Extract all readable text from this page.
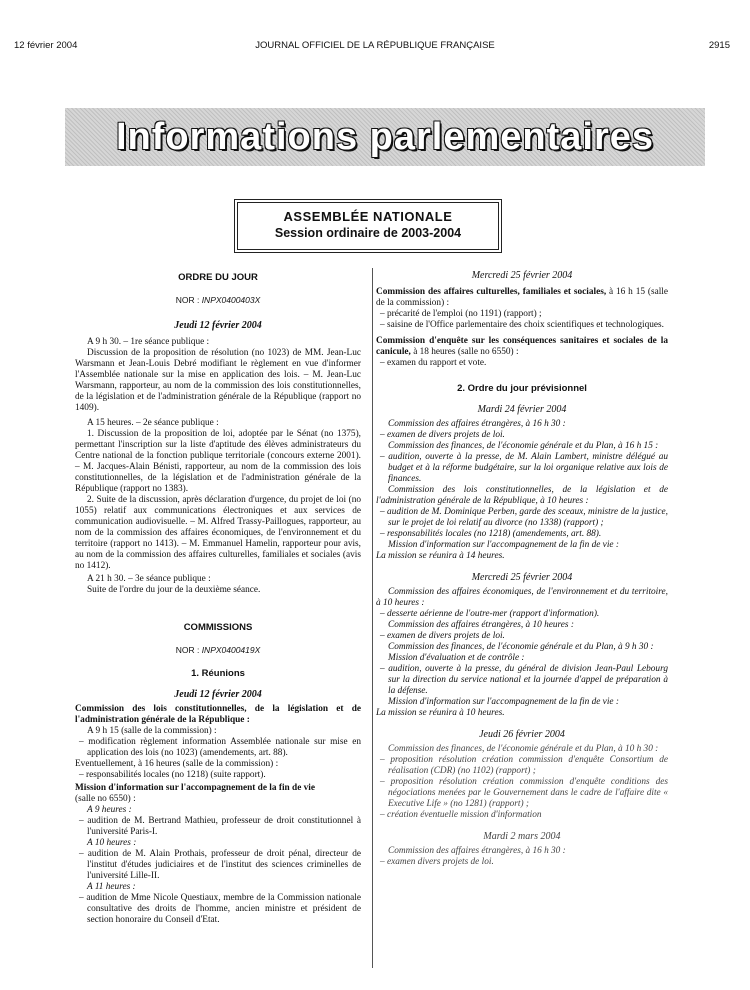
12 février 2004	JOURNAL OFFICIEL DE LA RÉPUBLIQUE FRANÇAISE	2915
Informations parlementaires
ASSEMBLÉE NATIONALE
Session ordinaire de 2003-2004
ORDRE DU JOUR
NOR : INPX0400403X
Jeudi 12 février 2004

A 9 h 30. – 1re séance publique :

Discussion de la proposition de résolution (no 1023) de MM. Jean-Luc Warsmann et Jean-Louis Debré modifiant le règlement en vue d'informer l'Assemblée nationale sur la mise en application des lois. – M. Jean-Luc Warsmann, rapporteur, au nom de la commission des lois constitutionnelles, de la législation et de l'administration générale de la République (rapport no 1409).

A 15 heures. – 2e séance publique :

1. Discussion de la proposition de loi, adoptée par le Sénat (no 1375), permettant l'inscription sur la liste d'aptitude des élèves administrateurs du Centre national de la fonction publique territoriale (concours externe 2001). – M. Jacques-Alain Bénisti, rapporteur, au nom de la commission des lois constitutionnelles, de la législation et de l'administration générale de la République (rapport no 1383).

2. Suite de la discussion, après déclaration d'urgence, du projet de loi (no 1055) relatif aux communications électroniques et aux services de communication audiovisuelle. – M. Alfred Trassy-Paillogues, rapporteur, au nom de la commission des affaires économiques, de l'environnement et du territoire (rapport no 1413). – M. Emmanuel Hamelin, rapporteur pour avis, au nom de la commission des affaires culturelles, familiales et sociales (avis no 1412).

A 21 h 30. – 3e séance publique :

Suite de l'ordre du jour de la deuxième séance.

COMMISSIONS
NOR : INPX0400419X
1. Réunions
Jeudi 12 février 2004

Commission des lois constitutionnelles, de la législation et de l'administration générale de la République :

A 9 h 15 (salle de la commission) :

– modification règlement information Assemblée nationale sur mise en application des lois (no 1023) (amendements, art. 88).

Eventuellement, à 16 heures (salle de la commission) :

– responsabilités locales (no 1218) (suite rapport).

Mission d'information sur l'accompagnement de la fin de vie

(salle no 6550) :

A 9 heures :

– audition de M. Bertrand Mathieu, professeur de droit constitutionnel à l'université Paris-I.

A 10 heures :

– audition de M. Alain Prothais, professeur de droit pénal, directeur de l'institut d'études judiciaires et de l'institut des sciences criminelles de l'université Lille-II.

A 11 heures :

– audition de Mme Nicole Questiaux, membre de la Commission nationale consultative des droits de l'homme, ancien ministre et président de section honoraire du Conseil d'Etat.

Mercredi 25 février 2004

Commission des affaires culturelles, familiales et sociales, à 16 h 15 (salle de la commission) :

– précarité de l'emploi (no 1191) (rapport) ;

– saisine de l'Office parlementaire des choix scientifiques et technologiques.

Commission d'enquête sur les conséquences sanitaires et sociales de la canicule, à 18 heures (salle no 6550) :

– examen du rapport et vote.

2. Ordre du jour prévisionnel
Mardi 24 février 2004

Commission des affaires étrangères, à 16 h 30 :

– examen de divers projets de loi.

Commission des finances, de l'économie générale et du Plan, à 16 h 15 :

– audition, ouverte à la presse, de M. Alain Lambert, ministre délégué au budget et à la réforme budgétaire, sur la loi organique relative aux lois de finances.

Commission des lois constitutionnelles, de la législation et de l'administration générale de la République, à 10 heures :

– audition de M. Dominique Perben, garde des sceaux, ministre de la justice, sur le projet de loi relatif au divorce (no 1338) (rapport) ;

– responsabilités locales (no 1218) (amendements, art. 88).

Mission d'information sur l'accompagnement de la fin de vie :

La mission se réunira à 14 heures.

Mercredi 25 février 2004

Commission des affaires économiques, de l'environnement et du territoire, à 10 heures :

– desserte aérienne de l'outre-mer (rapport d'information).

Commission des affaires étrangères, à 10 heures :

– examen de divers projets de loi.

Commission des finances, de l'économie générale et du Plan, à 9 h 30 :

Mission d'évaluation et de contrôle :

– audition, ouverte à la presse, du général de division Jean-Paul Lebourg sur la direction du service national et la journée d'appel de préparation à la défense.

Mission d'information sur l'accompagnement de la fin de vie :

La mission se réunira à 10 heures.

Jeudi 26 février 2004

Commission des finances, de l'économie générale et du Plan, à 10 h 30 :

– proposition résolution création commission d'enquête Consortium de réalisation (CDR) (no 1102) (rapport) ;

– proposition résolution création commission d'enquête conditions des négociations menées par le Gouvernement dans le cadre de l'affaire dite « Executive Life » (no 1281) (rapport) ;

– création éventuelle mission d'information

Mardi 2 mars 2004

Commission des affaires étrangères, à 16 h 30 :

– examen divers projets de loi.
